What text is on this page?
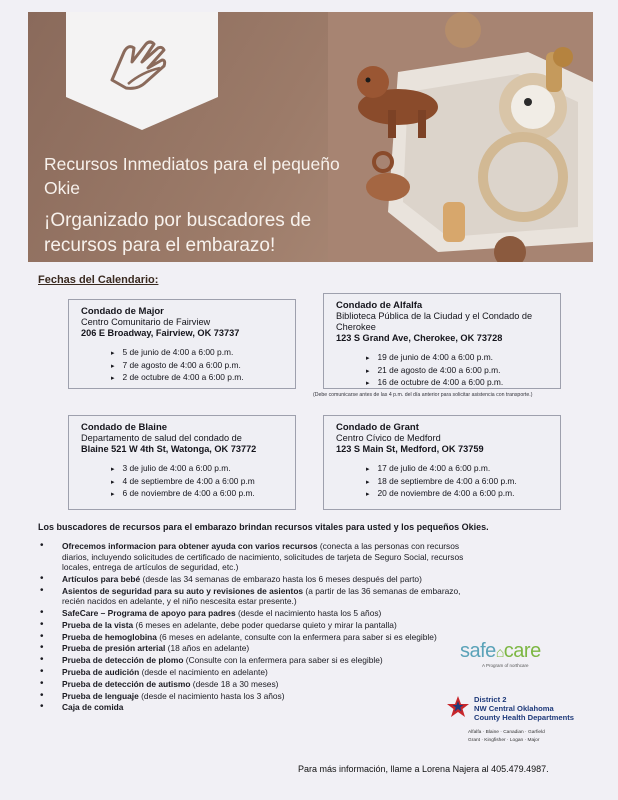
Recursos Inmediatos para el pequeño Okie
¡Organizado por buscadores de recursos para el embarazo!
Fechas del Calendario:
Condado de Major
Centro Comunitario de Fairview
206 E Broadway, Fairview, OK 73737
▸ 5 de junio de 4:00 a 6:00 p.m.
▸ 7 de agosto de 4:00 a 6:00 p.m.
▸ 2 de octubre de 4:00 a 6:00 p.m.
Condado de Alfalfa
Biblioteca Pública de la Ciudad y el Condado de Cherokee
123 S Grand Ave, Cherokee, OK 73728
▸ 19 de junio de 4:00 a 6:00 p.m.
▸ 21 de agosto de 4:00 a 6:00 p.m.
▸ 16 de octubre de 4:00 a 6:00 p.m.
(Debe comunicarse antes de las 4 p.m. del día anterior para solicitar asistencia con transporte.)
Condado de Blaine
Departamento de salud del condado de
Blaine 521 W 4th St, Watonga, OK 73772
▸ 3 de julio de 4:00 a 6:00 p.m.
▸ 4 de septiembre de 4:00 a 6:00 p.m
▸ 6 de noviembre de 4:00 a 6:00 p.m.
Condado de Grant
Centro Cívico de Medford
123 S Main St, Medford, OK 73759
▸ 17 de julio de 4:00 a 6:00 p.m.
▸ 18 de septiembre de 4:00 a 6:00 p.m.
▸ 20 de noviembre de 4:00 a 6:00 p.m.
Los buscadores de recursos para el embarazo brindan recursos vitales para usted y los pequeños Okies.
• Ofrecemos informacion para obtener ayuda con varios recursos (conecta a las personas con recursos diarios, incluyendo solicitudes de certificado de nacimiento, solicitudes de tarjeta de Seguro Social, recursos locales, entrega de artículos de seguridad, etc.)
• Artículos para bebé (desde las 34 semanas de embarazo hasta los 6 meses después del parto)
• Asientos de seguridad para su auto y revisiones de asientos (a partir de las 36 semanas de embarazo, recién nacidos en adelante, y el niño nescesita estar presente.)
• SafeCare – Programa de apoyo para padres (desde el nacimiento hasta los 5 años)
• Prueba de la vista (6 meses en adelante, debe poder quedarse quieto y mirar la pantalla)
• Prueba de hemoglobina (6 meses en adelante, consulte con la enfermera para saber si es elegible)
• Prueba de presión arterial (18 años en adelante)
• Prueba de detección de plomo (Consulte con la enfermera para saber si es elegible)
• Prueba de audición (desde el nacimiento en adelante)
• Prueba de detección de autismo (desde 18 a 30 meses)
• Prueba de lenguaje (desde el nacimiento hasta los 3 años)
• Caja de comida
safe⌂care
A Program of northcare
District 2
NW Central Oklahoma
County Health Departments
Alfalfa · Blaine · Canadian · Garfield
Grant · Kingfisher · Logan · Major
Para más información, llame a Lorena Najera al 405.479.4987.
